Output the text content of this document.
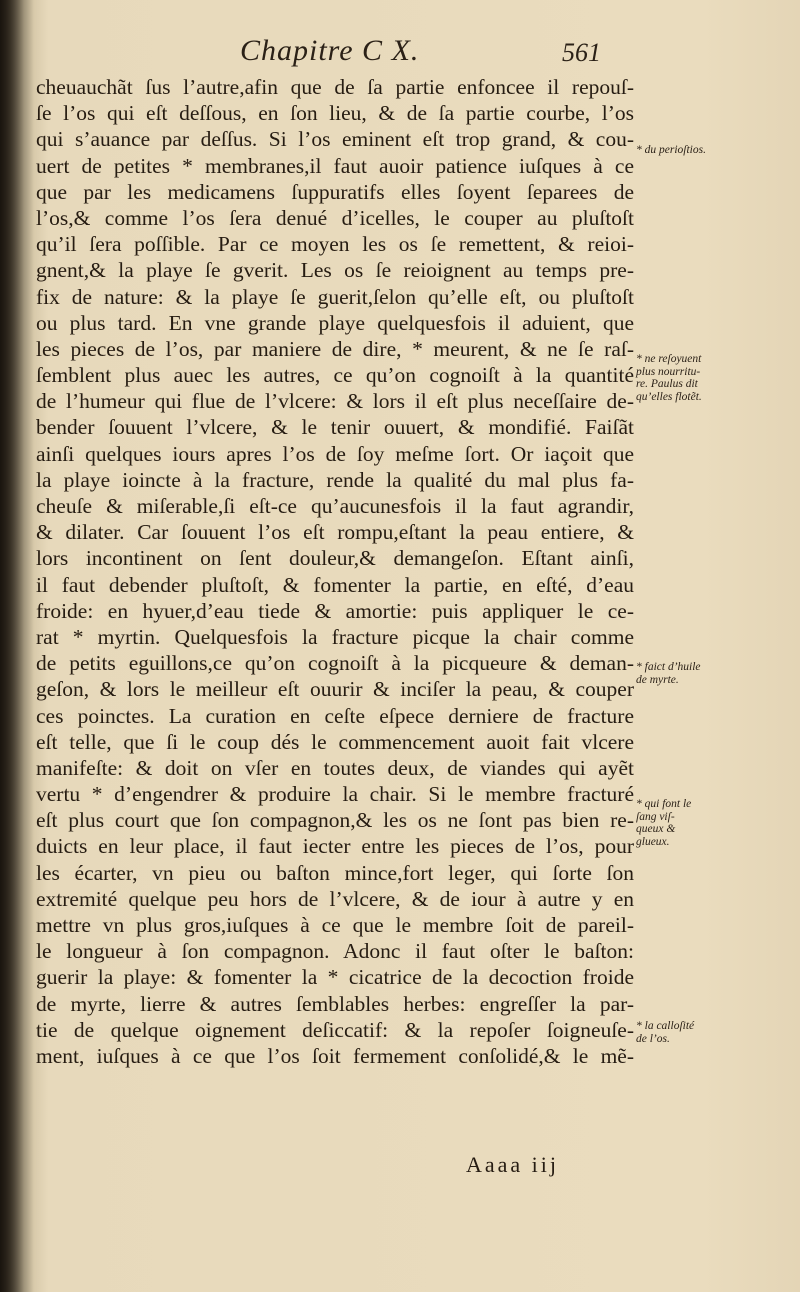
Chapitre C X.	561
cheuauchãt ſus l’autre,afin que de ſa partie enfoncee il repouſ-
ſe l’os qui eſt deſſous, en ſon lieu, & de ſa partie courbe, l’os
qui s’auance par deſſus. Si l’os eminent eſt trop grand, & cou-
uert de petites * membranes,il faut auoir patience iuſques à ce
que par les medicamens ſuppuratifs elles ſoyent ſeparees de
l’os,& comme l’os ſera denué d’icelles, le couper au pluſtoſt
qu’il ſera poſſible. Par ce moyen les os ſe remettent, & reioi-
gnent,& la playe ſe gverit. Les os ſe reioignent au temps pre-
fix de nature: & la playe ſe guerit,ſelon qu’elle eſt, ou pluſtoſt
ou plus tard. En vne grande playe quelquesfois il aduient, que
les pieces de l’os, par maniere de dire, * meurent, & ne ſe raſ-
ſemblent plus auec les autres, ce qu’on cognoiſt à la quantité
de l’humeur qui flue de l’vlcere: & lors il eſt plus neceſſaire de-
bender ſouuent l’vlcere, & le tenir ouuert, & mondifié. Faiſãt
ainſi quelques iours apres l’os de ſoy meſme ſort. Or iaçoit que
la playe ioincte à la fracture, rende la qualité du mal plus fa-
cheuſe & miſerable,ſi eſt-ce qu’aucunesfois il la faut agrandir,
& dilater. Car ſouuent l’os eſt rompu,eſtant la peau entiere, &
lors incontinent on ſent douleur,& demangeſon. Eſtant ainſi,
il faut debender pluſtoſt, & fomenter la partie, en eſté, d’eau
froide: en hyuer,d’eau tiede & amortie: puis appliquer le ce-
rat * myrtin. Quelquesfois la fracture picque la chair comme
de petits eguillons,ce qu’on cognoiſt à la picqueure & deman-
geſon, & lors le meilleur eſt ouurir & inciſer la peau, & couper
ces poinctes. La curation en ceſte eſpece derniere de fracture
eſt telle, que ſi le coup dés le commencement auoit fait vlcere
manifeſte: & doit on vſer en toutes deux, de viandes qui ayẽt
vertu * d’engendrer & produire la chair. Si le membre fracturé
eſt plus court que ſon compagnon,& les os ne ſont pas bien re-
duicts en leur place, il faut iecter entre les pieces de l’os, pour
les écarter, vn pieu ou baſton mince,fort leger, qui ſorte ſon
extremité quelque peu hors de l’vlcere, & de iour à autre y en
mettre vn plus gros,iuſques à ce que le membre ſoit de pareil-
le longueur à ſon compagnon. Adonc il faut oſter le baſton:
guerir la playe: & fomenter la * cicatrice de la decoction froide
de myrte, lierre & autres ſemblables herbes: engreſſer la par-
tie de quelque oignement deſiccatif: & la repoſer ſoigneuſe-
ment, iuſques à ce que l’os ſoit fermement conſolidé,& le mẽ-
* du perioſtios.
* ne reſoyuent
plus nourritu-
re. Paulus dit
qu’elles flotẽt.
* faict d’huile
de myrte.
* qui font le
ſang viſ-
queux &
glueux.
* la calloſité
de l’os.
Aaaa iij
